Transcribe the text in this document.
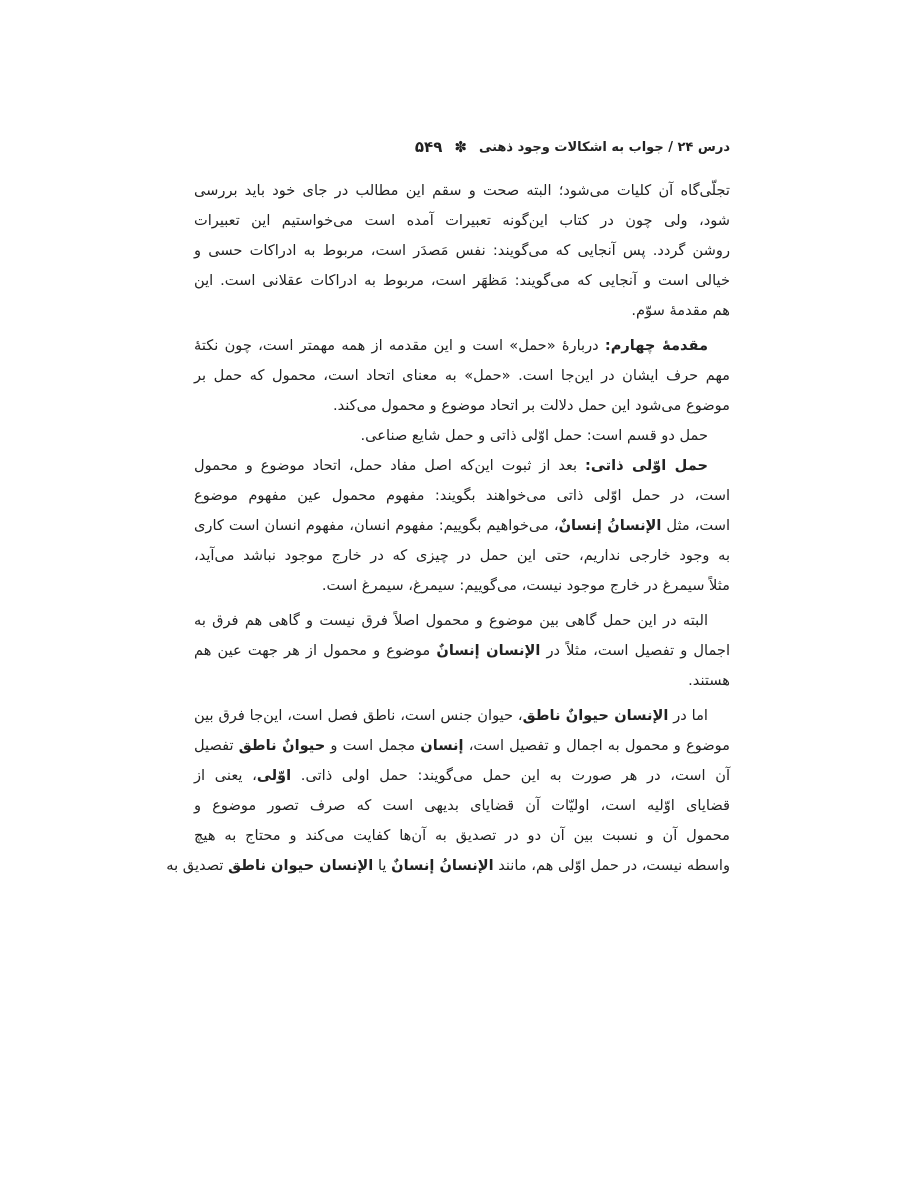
درس ۲۴ / جواب به اشکالات وجود ذهنی
✽
۵۴۹
تجلّی‌گاه آن کلیات می‌شود؛ البته صحت و سقم این مطالب در جای خود باید بررسی
شود، ولی چون در کتاب این‌گونه تعبیرات آمده است می‌خواستیم این تعبیرات
روشن گردد. پس آنجایی که می‌گویند: نفس مَصدَر است، مربوط به ادراکات حسی و
خیالی است و آنجایی که می‌گویند: مَظهَر است، مربوط به ادراکات عقلانی است. این
هم مقدمهٔ سوّم.
مقدمهٔ چهارم: دربارهٔ «حمل» است و این مقدمه از همه مهمتر است، چون نکتهٔ
مهم حرف ایشان در این‌جا است. «حمل» به معنای اتحاد است، محمول که حمل بر
موضوع می‌شود این حمل دلالت بر اتحاد موضوع و محمول می‌کند.
حمل دو قسم است: حمل اوّلی ذاتی و حمل شایع صناعی.
حمل اوّلی ذاتی: بعد از ثبوت این‌که اصل مفاد حمل، اتحاد موضوع و محمول
است، در حمل اوّلی ذاتی می‌خواهند بگویند: مفهوم محمول عین مفهوم موضوع
است، مثل الإنسانُ إنسانٌ، می‌خواهیم بگوییم: مفهوم انسان، مفهوم انسان است کاری
به وجود خارجی نداریم، حتی این حمل در چیزی که در خارج موجود نباشد می‌آید،
مثلاً سیمرغ در خارج موجود نیست، می‌گوییم: سیمرغ، سیمرغ است.
البته در این حمل گاهی بین موضوع و محمول اصلاً فرق نیست و گاهی هم فرق به
اجمال و تفصیل است، مثلاً در الإنسان إنسانٌ موضوع و محمول از هر جهت عین هم
هستند.
اما در الإنسان حیوانٌ ناطق، حیوان جنس است، ناطق فصل است، این‌جا فرق بین
موضوع و محمول به اجمال و تفصیل است، إنسان مجمل است و حیوانٌ ناطق تفصیل
آن است، در هر صورت به این حمل می‌گویند: حمل اولی ذاتی. اوّلی، یعنی از
قضایای اوّلیه است، اولیّات آن قضایای بدیهی است که صرف تصور موضوع و
محمول آن و نسبت بین آن دو در تصدیق به آن‌ها کفایت می‌کند و محتاج به هیچ
واسطه نیست، در حمل اوّلی هم، مانند الإنسانُ إنسانٌ یا الإنسان حیوان ناطق تصدیق به
